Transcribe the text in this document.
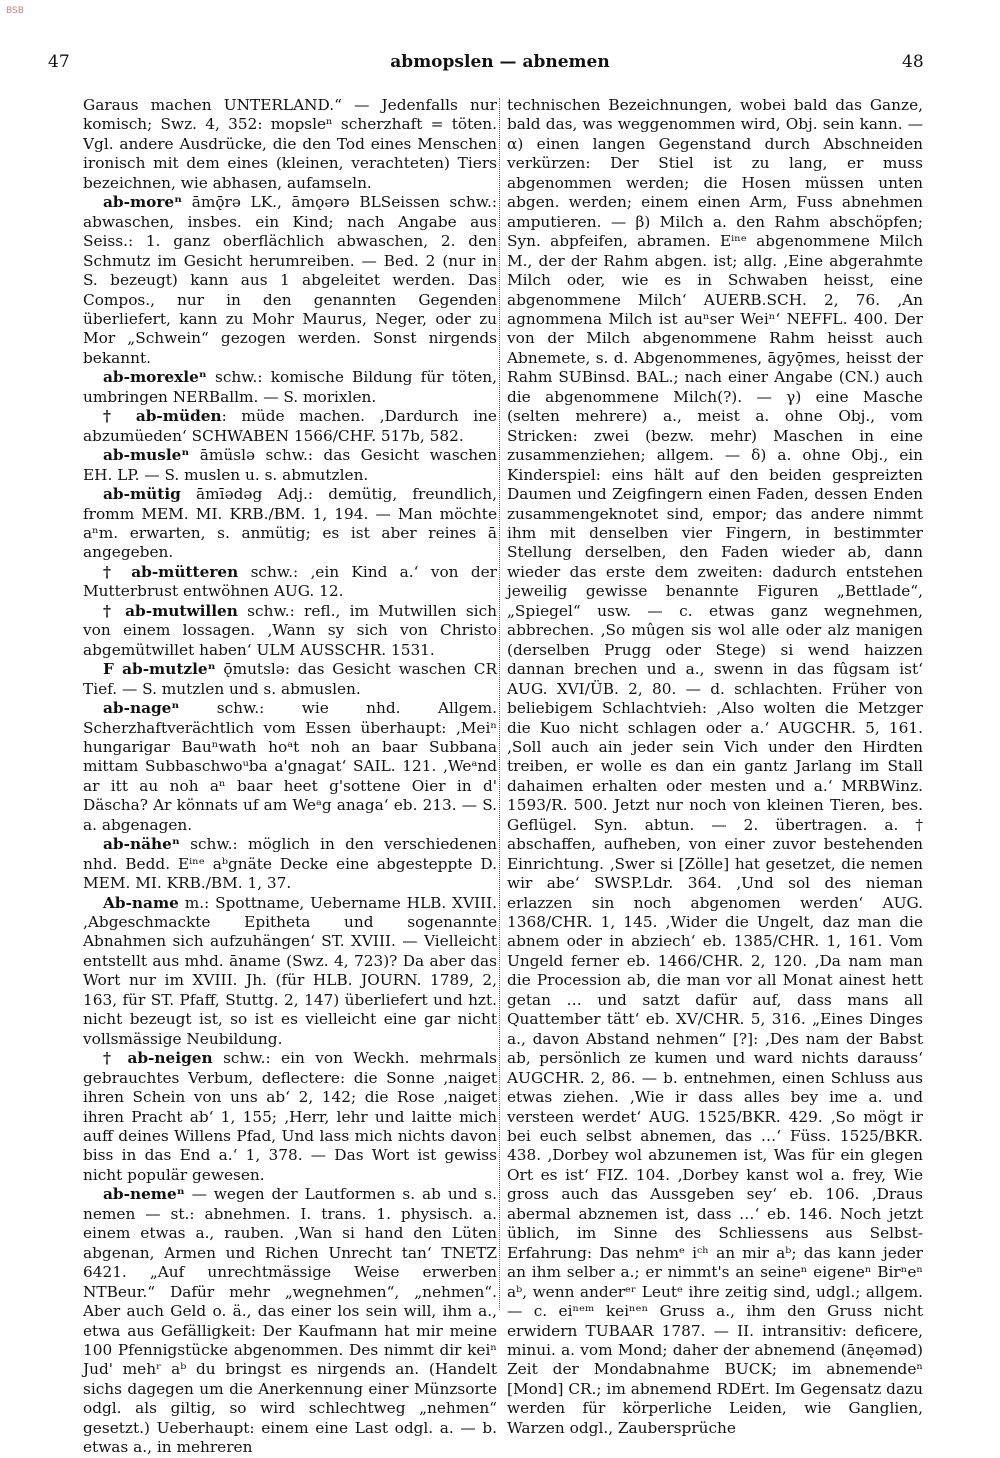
BSB
47	abmopslen — abnemen	48

Garaus machen UNTERLAND.“ — Jedenfalls nur komisch; Swz. 4, 352: mopsleⁿ scherzhaft = töten. Vgl. andere Ausdrücke, die den Tod eines Menschen ironisch mit dem eines (kleinen, verachteten) Tiers bezeichnen, wie abhasen, aufamseln.

ab-moreⁿ āmǭrə LK., āmǫərə BLSeissen schw.: abwaschen, insbes. ein Kind; nach Angabe aus Seiss.: 1. ganz oberflächlich abwaschen, 2. den Schmutz im Gesicht herumreiben. — Bed. 2 (nur in S. bezeugt) kann aus 1 abgeleitet werden. Das Compos., nur in den genannten Gegenden überliefert, kann zu Mohr Maurus, Neger, oder zu Mor „Schwein“ gezogen werden. Sonst nirgends bekannt.

ab-morexleⁿ schw.: komische Bildung für töten, umbringen NERBallm. — S. morixlen.

† ab-müden: müde machen. ‚Dardurch ine abzumüeden‘ SCHWABEN 1566/CHF. 517b, 582.

ab-musleⁿ āmüslə schw.: das Gesicht waschen EH. LP. — S. muslen u. s. abmutzlen.

ab-mütig āmīədəg Adj.: demütig, freundlich, fromm MEM. MI. KRB./BM. 1, 194. — Man möchte aⁿm. erwarten, s. anmütig; es ist aber reines ā angegeben.

† ab-mütteren schw.: ‚ein Kind a.‘ von der Mutterbrust entwöhnen AUG. 12.

† ab-mutwillen schw.: refl., im Mutwillen sich von einem lossagen. ‚Wann sy sich von Christo abgemütwillet haben‘ ULM AUSSCHR. 1531.

F ab-mutzleⁿ ǭmutslə: das Gesicht waschen CR Tief. — S. mutzlen und s. abmuslen.

ab-nageⁿ schw.: wie nhd. Allgem. Scherzhaftverächtlich vom Essen überhaupt: ‚Meiⁿ hungarigar Bauⁿwath hoᵃt noh an baar Subbana mittam Subbaschwoᵘba a'gnagat‘ SAIL. 121. ‚Weᵃnd ar itt au noh aⁿ baar heet g'sottene Oier in d' Däscha? Ar könnats uf am Weᵃg anaga‘ eb. 213. — S. a. abgenagen.

ab-näheⁿ schw.: möglich in den verschiedenen nhd. Bedd. Eⁱⁿᵉ aᵇgnäte Decke eine abgesteppte D. MEM. MI. KRB./BM. 1, 37.

Ab-name m.: Spottname, Uebername HLB. XVIII. ‚Abgeschmackte Epitheta und sogenannte Abnahmen sich aufzuhängen‘ ST. XVIII. — Vielleicht entstellt aus mhd. āname (Swz. 4, 723)? Da aber das Wort nur im XVIII. Jh. (für HLB. JOURN. 1789, 2, 163, für ST. Pfaff, Stuttg. 2, 147) überliefert und hzt. nicht bezeugt ist, so ist es vielleicht eine gar nicht vollsmässige Neubildung.

† ab-neigen schw.: ein von Weckh. mehrmals gebrauchtes Verbum, deflectere: die Sonne ‚naiget ihren Schein von uns ab‘ 2, 142; die Rose ‚naiget ihren Pracht ab‘ 1, 155; ‚Herr, lehr und laitte mich auff deines Willens Pfad, Und lass mich nichts davon biss in das End a.‘ 1, 378. — Das Wort ist gewiss nicht populär gewesen.

ab-nemeⁿ — wegen der Lautformen s. ab und s. nemen — st.: abnehmen. I. trans. 1. physisch. a. einem etwas a., rauben. ‚Wan si hand den Lüten abgenan, Armen und Richen Unrecht tan‘ TNETZ 6421. „Auf unrechtmässige Weise erwerben NTBeur.“ Dafür mehr „wegnehmen“, „nehmen“. Aber auch Geld o. ä., das einer los sein will, ihm a., etwa aus Gefälligkeit: Der Kaufmann hat mir meine 100 Pfennigstücke abgenommen. Des nimmt dir keiⁿ Jud' mehʳ aᵇ du bringst es nirgends an. (Handelt sichs dagegen um die Anerkennung einer Münzsorte odgl. als giltig, so wird schlechtweg „nehmen“ gesetzt.) Ueberhaupt: einem eine Last odgl. a. — b. etwas a., in mehreren

technischen Bezeichnungen, wobei bald das Ganze, bald das, was weggenommen wird, Obj. sein kann. — α) einen langen Gegenstand durch Abschneiden verkürzen: Der Stiel ist zu lang, er muss abgenommen werden; die Hosen müssen unten abgen. werden; einem einen Arm, Fuss abnehmen amputieren. — β) Milch a. den Rahm abschöpfen; Syn. abpfeifen, abramen. Eⁱⁿᵉ abgenommene Milch M., der der Rahm abgen. ist; allg. ‚Eine abgerahmte Milch oder, wie es in Schwaben heisst, eine abgenommene Milch‘ AUERB.SCH. 2, 76. ‚An agnommena Milch ist auⁿser Weiⁿ‘ NEFFL. 400. Der von der Milch abgenommene Rahm heisst auch Abnemete, s. d. Abgenommenes, āgyǭmes, heisst der Rahm SUBinsd. BAL.; nach einer Angabe (CN.) auch die abgenommene Milch(?). — γ) eine Masche (selten mehrere) a., meist a. ohne Obj., vom Stricken: zwei (bezw. mehr) Maschen in eine zusammenziehen; allgem. — δ) a. ohne Obj., ein Kinderspiel: eins hält auf den beiden gespreizten Daumen und Zeigfingern einen Faden, dessen Enden zusammengeknotet sind, empor; das andere nimmt ihm mit denselben vier Fingern, in bestimmter Stellung derselben, den Faden wieder ab, dann wieder das erste dem zweiten: dadurch entstehen jeweilig gewisse benannte Figuren „Bettlade“, „Spiegel“ usw. — c. etwas ganz wegnehmen, abbrechen. ‚So mûgen sis wol alle oder alz manigen (derselben Prugg oder Stege) si wend haizzen dannan brechen und a., swenn in das fûgsam ist‘ AUG. XVI/ÜB. 2, 80. — d. schlachten. Früher von beliebigem Schlachtvieh: ‚Also wolten die Metzger die Kuo nicht schlagen oder a.‘ AUGCHR. 5, 161. ‚Soll auch ain jeder sein Vich under den Hirdten treiben, er wolle es dan ein gantz Jarlang im Stall dahaimen erhalten oder mesten und a.‘ MRBWinz. 1593/R. 500. Jetzt nur noch von kleinen Tieren, bes. Geflügel. Syn. abtun. — 2. übertragen. a. † abschaffen, aufheben, von einer zuvor bestehenden Einrichtung. ‚Swer si [Zölle] hat gesetzet, die nemen wir abe‘ SWSP.Ldr. 364. ‚Und sol des nieman erlazzen sin noch abgenomen werden‘ AUG. 1368/CHR. 1, 145. ‚Wider die Ungelt, daz man die abnem oder in abziech‘ eb. 1385/CHR. 1, 161. Vom Ungeld ferner eb. 1466/CHR. 2, 120. ‚Da nam man die Procession ab, die man vor all Monat ainest hett getan … und satzt dafür auf, dass mans all Quattember tätt‘ eb. XV/CHR. 5, 316. „Eines Dinges a., davon Abstand nehmen“ [?]: ‚Des nam der Babst ab, persönlich ze kumen und ward nichts darauss‘ AUGCHR. 2, 86. — b. entnehmen, einen Schluss aus etwas ziehen. ‚Wie ir dass alles bey ime a. und versteen werdet‘ AUG. 1525/BKR. 429. ‚So mögt ir bei euch selbst abnemen, das …‘ Füss. 1525/BKR. 438. ‚Dorbey wol abzunemen ist, Was für ein glegen Ort es ist‘ FIZ. 104. ‚Dorbey kanst wol a. frey, Wie gross auch das Aussgeben sey‘ eb. 106. ‚Draus abermal abznemen ist, dass …‘ eb. 146. Noch jetzt üblich, im Sinne des Schliessens aus Selbst-Erfahrung: Das nehmᵉ iᶜʰ an mir aᵇ; das kann jeder an ihm selber a.; er nimmt's an seineⁿ eigeneⁿ Birⁿeⁿ aᵇ, wenn anderᵉʳ Leutᵉ ihre zeitig sind, udgl.; allgem. — c. eiⁿᵉᵐ keiⁿᵉⁿ Gruss a., ihm den Gruss nicht erwidern TUBAAR 1787. — II. intransitiv: deficere, minui. a. vom Mond; daher der abnemend (ānęəməd) Zeit der Mondabnahme BUCK; im abnemendeⁿ [Mond] CR.; im abnemend RDErt. Im Gegensatz dazu werden für körperliche Leiden, wie Ganglien, Warzen odgl., Zaubersprüche
